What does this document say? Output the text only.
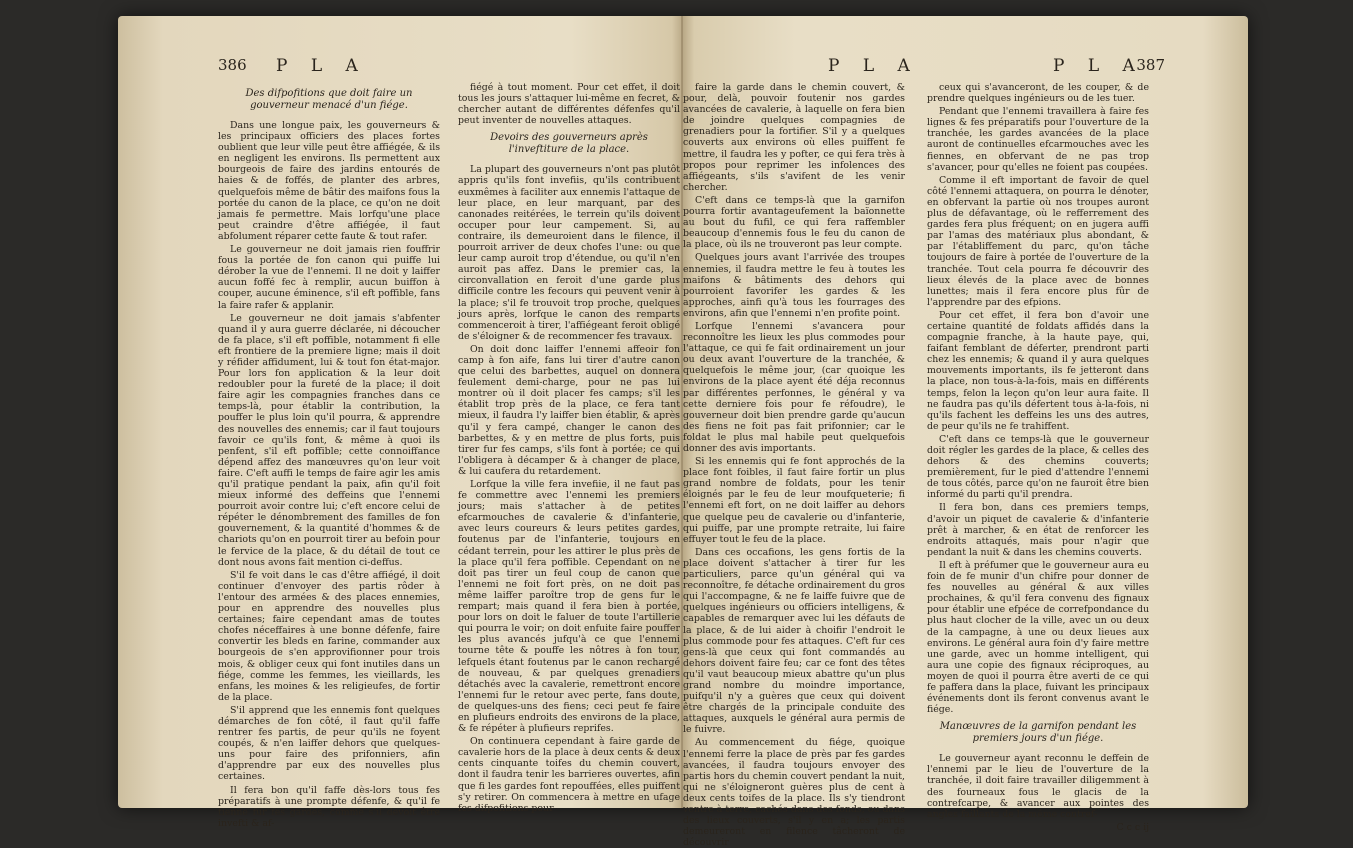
386 P L A

Des difpofitions que doit faire un gouverneur menacé d'un fiége.

Dans une longue paix, les gouverneurs & les principaux officiers des places fortes oublient que leur ville peut être affiégée, & ils en negligent les environs. Ils permettent aux bourgeois de faire des jardins entourés de haies & de foffés, de planter des arbres, quelquefois même de bâtir des maifons fous la portée du canon de la place, ce qu'on ne doit jamais fe permettre. Mais lorfqu'une place peut craindre d'être affiégée, il faut abfolument réparer cette faute & tout rafer.

Le gouverneur ne doit jamais rien fouffrir fous la portée de fon canon qui puiffe lui dérober la vue de l'ennemi. Il ne doit y laiffer aucun foffé fec à remplir, aucun buiffon à couper, aucune éminence, s'il eft poffible, fans la faire rafer & applanir.

Le gouverneur ne doit jamais s'abfenter quand il y aura guerre déclarée, ni découcher de fa place, s'il eft poffible, notamment fi elle eft frontiere de la premiere ligne; mais il doit y réfider affidument, lui & tout fon état-major. Pour lors fon application & la leur doit redoubler pour la fureté de la place; il doit faire agir les compagnies franches dans ce temps-là, pour établir la contribution, la pouffer le plus loin qu'il pourra, & apprendre des nouvelles des ennemis; car il faut toujours favoir ce qu'ils font, & même à quoi ils penfent, s'il eft poffible; cette connoiffance dépend affez des manœuvres qu'on leur voit faire. C'eft auffi le temps de faire agir les amis qu'il pratique pendant la paix, afin qu'il foit mieux informé des deffeins que l'ennemi pourroit avoir contre lui; c'eft encore celui de répéter le dénombrement des familles de fon gouvernement, & la quantité d'hommes & de chariots qu'on en pourroit tirer au befoin pour le fervice de la place, & du détail de tout ce dont nous avons fait mention ci-deffus.

S'il fe voit dans le cas d'être affiégé, il doit continuer d'envoyer des partis rôder à l'entour des armées & des places ennemies, pour en apprendre des nouvelles plus certaines; faire cependant amas de toutes chofes néceffaires à une bonne défenfe, faire convertir les bleds en farine, commander aux bourgeois de s'en approvifionner pour trois mois, & obliger ceux qui font inutiles dans un fiége, comme les femmes, les vieillards, les enfans, les moines & les religieufes, de fortir de la place.

S'il apprend que les ennemis font quelques démarches de fon côté, il faut qu'il faffe rentrer fes partis, de peur qu'ils ne foyent coupés, & n'en laiffer dehors que quelques-uns pour faire des prifonniers, afin d'apprendre par eux des nouvelles plus certaines.

Il fera bon qu'il faffe dès-lors tous fes préparatifs à une prompte défenfe, & qu'il fe tienne fur fes gardes, comme s'il devoit être invefti & af-

fiégé à tout moment. Pour cet effet, il doit tous les jours s'attaquer lui-même en fecret, & chercher autant de différentes défenfes qu'il peut inventer de nouvelles attaques.

Devoirs des gouverneurs après l'inveftiture de la place.

La plupart des gouverneurs n'ont pas plutôt appris qu'ils font invefiis, qu'ils contribuent euxmêmes à faciliter aux ennemis l'attaque de leur place, en leur marquant, par des canonades reitérées, le terrein qu'ils doivent occuper pour leur campement. Si, au contraire, ils demeuroient dans le filence, il pourroit arriver de deux chofes l'une: ou que leur camp auroit trop d'étendue, ou qu'il n'en auroit pas affez. Dans le premier cas, la circonvallation en feroit d'une garde plus difficile contre les fecours qui peuvent venir à la place; s'il fe trouvoit trop proche, quelques jours après, lorfque le canon des remparts commenceroit à tirer, l'affiégeant feroit obligé de s'éloigner & de recommencer fes travaux.

On doit donc laiffer l'ennemi affeoir fon camp à fon aife, fans lui tirer d'autre canon que celui des barbettes, auquel on donnera feulement demi-charge, pour ne pas lui montrer où il doit placer fes camps; s'il les établit trop près de la place, ce fera tant mieux, il faudra l'y laiffer bien établir, & après qu'il y fera campé, changer le canon des barbettes, & y en mettre de plus forts, puis tirer fur fes camps, s'ils font à portée; ce qui l'obligera à décamper & à changer de place, & lui caufera du retardement.

Lorfque la ville fera invefiie, il ne faut pas fe commettre avec l'ennemi les premiers jours; mais s'attacher à de petites efcarmouches de cavalerie & d'infanterie, avec leurs coureurs & leurs petites gardes, foutenus par de l'infanterie, toujours en cédant terrein, pour les attirer le plus près de la place qu'il fera poffible. Cependant on ne doit pas tirer un feul coup de canon que l'ennemi ne foit fort près, on ne doit pas même laiffer paroître trop de gens fur le rempart; mais quand il fera bien à portée, pour lors on doit le faluer de toute l'artillerie qui pourra le voir; on doit enfuite faire pouffer les plus avancés jufqu'à ce que l'ennemi tourne tête & pouffe les nôtres à fon tour, lefquels étant foutenus par le canon rechargé de nouveau, & par quelques grenadiers détachés avec la cavalerie, remettront encore l'ennemi fur le retour avec perte, fans doute, de quelques-uns des fiens; ceci peut fe faire en plufieurs endroits des environs de la place, & fe répéter à plufieurs reprifes.

On continuera cependant à faire garde de cavalerie hors de la place à deux cents & deux cents cinquante toifes du chemin couvert, dont il faudra tenir les barrieres ouvertes, afin que fi les gardes font repouffées, elles puiffent s'y retirer. On commencera à mettre en ufage fes difpofitions pour

P L A	P L A
387

faire la garde dans le chemin couvert, & pour, delà, pouvoir foutenir nos gardes avancées de cavalerie, à laquelle on fera bien de joindre quelques compagnies de grenadiers pour la fortifier. S'il y a quelques couverts aux environs où elles puiffent fe mettre, il faudra les y pofter, ce qui fera très à propos pour reprimer les infolences des affiégeants, s'ils s'avifent de les venir chercher.

C'eft dans ce temps-là que la garnifon pourra fortir avantageufement la baïonnette au bout du fufil, ce qui fera raffembler beaucoup d'ennemis fous le feu du canon de la place, où ils ne trouveront pas leur compte.

Quelques jours avant l'arrivée des troupes ennemies, il faudra mettre le feu à toutes les maifons & bâtiments des dehors qui pourroient favorifer les gardes & les approches, ainfi qu'à tous les fourrages des environs, afin que l'ennemi n'en profite point.

Lorfque l'ennemi s'avancera pour reconnoître les lieux les plus commodes pour l'attaque, ce qui fe fait ordinairement un jour ou deux avant l'ouverture de la tranchée, & quelquefois le même jour, (car quoique les environs de la place ayent été déja reconnus par différentes perfonnes, le général y va cette derniere fois pour fe réfoudre), le gouverneur doit bien prendre garde qu'aucun des fiens ne foit pas fait prifonnier; car le foldat le plus mal habile peut quelquefois donner des avis importants.

Si les ennemis qui fe font approchés de la place font foibles, il faut faire fortir un plus grand nombre de foldats, pour les tenir éloignés par le feu de leur moufqueterie; fi l'ennemi eft fort, on ne doit laiffer au dehors que quelque peu de cavalerie ou d'infanterie, qui puiffe, par une prompte retraite, lui faire effuyer tout le feu de la place.

Dans ces occafions, les gens fortis de la place doivent s'attacher à tirer fur les particuliers, parce qu'un général qui va reconnoître, fe détache ordinairement du gros qui l'accompagne, & ne fe laiffe fuivre que de quelques ingénieurs ou officiers intelligens, & capables de remarquer avec lui les défauts de la place, & de lui aider à choifir l'endroit le plus commode pour fes attaques. C'eft fur ces gens-là que ceux qui font commandés au dehors doivent faire feu; car ce font des têtes qu'il vaut beaucoup mieux abattre qu'un plus grand nombre du moindre importance, puifqu'il n'y a guères que ceux qui doivent être chargés de la principale conduite des attaques, auxquels le général aura permis de le fuivre.

Au commencement du fiége, quoique l'ennemi ferre la place de près par fes gardes avancées, il faudra toujours envoyer des partis hors du chemin couvert pendant la nuit, qui ne s'éloigneront guères plus de cent à deux cents toifes de la place. Ils s'y tiendront ventre à terre, cachés dans des fonds, ou dans des lieux couverts, s'il y en a; les partis demeureront en filence tâcheront de découvrir

ceux qui s'avanceront, de les couper, & de prendre quelques ingénieurs ou de les tuer.

Pendant que l'ennemi travaillera à faire fes lignes & fes préparatifs pour l'ouverture de la tranchée, les gardes avancées de la place auront de continuelles efcarmouches avec les fiennes, en obfervant de ne pas trop s'avancer, pour qu'elles ne foient pas coupées.

Comme il eft important de favoir de quel côté l'ennemi attaquera, on pourra le dénoter, en obfervant la partie où nos troupes auront plus de défavantage, où le refferrement des gardes fera plus fréquent; on en jugera auffi par l'amas des matériaux plus abondant, & par l'établiffement du parc, qu'on tâche toujours de faire à portée de l'ouverture de la tranchée. Tout cela pourra fe découvrir des lieux élevés de la place avec de bonnes lunettes; mais il fera encore plus fûr de l'apprendre par des efpions.

Pour cet effet, il fera bon d'avoir une certaine quantité de foldats affidés dans la compagnie franche, à la haute paye, qui, faifant femblant de déferter, prendront parti chez les ennemis; & quand il y aura quelques mouvements importants, ils fe jetteront dans la place, non tous-à-la-fois, mais en différents temps, felon la leçon qu'on leur aura faite. Il ne faudra pas qu'ils défertent tous à-la-fois, ni qu'ils fachent les deffeins les uns des autres, de peur qu'ils ne fe trahiffent.

C'eft dans ce temps-là que le gouverneur doit régler les gardes de la place, & celles des dehors & des chemins couverts; premièrement, fur le pied d'attendre l'ennemi de tous côtés, parce qu'on ne fauroit être bien informé du parti qu'il prendra.

Il fera bon, dans ces premiers temps, d'avoir un piquet de cavalerie & d'infanterie prêt à marcher, & en état de renforcer les endroits attaqués, mais pour n'agir que pendant la nuit & dans les chemins couverts.

Il eft à préfumer que le gouverneur aura eu foin de fe munir d'un chifre pour donner de fes nouvelles au général & aux villes prochaines, & qu'il fera convenu des fignaux pour établir une efpéce de correfpondance du plus haut clocher de la ville, avec un ou deux de la campagne, à une ou deux lieues aux environs. Le général aura foin d'y faire mettre une garde, avec un homme intelligent, qui aura une copie des fignaux réciproques, au moyen de quoi il pourra être averti de ce qui fe paffera dans la place, fuivant les principaux événements dont ils feront convenus avant le fiége.

Manœuvres de la garnifon pendant les premiers jours d'un fiége.

Le gouverneur ayant reconnu le deffein de l'ennemi par le lieu de l'ouverture de la tranchée, il doit faire travailler diligemment à des fourneaux fous le glacis de la contrefcarpe, & avancer aux pointes des angles faillants de la même contref-

C c c ij
